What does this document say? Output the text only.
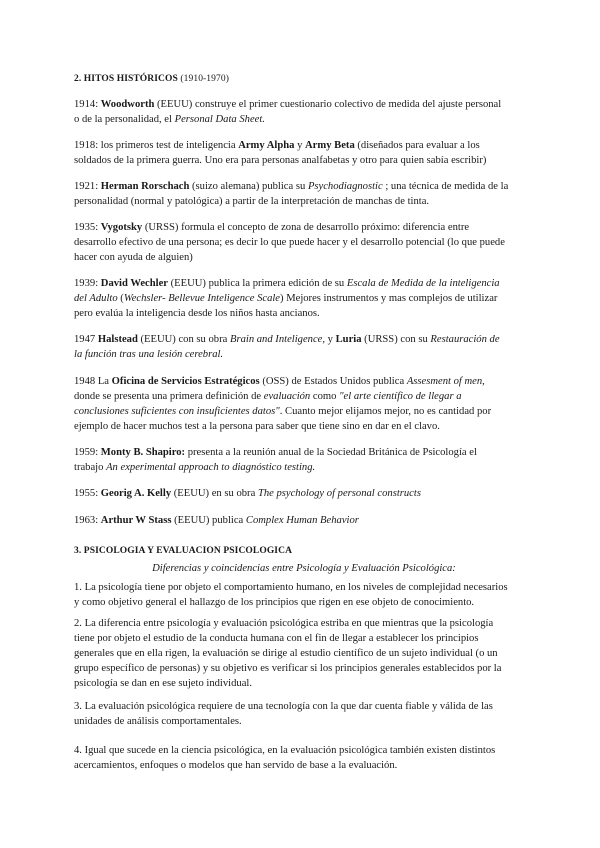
2. HITOS HISTÓRICOS (1910-1970)
1914: Woodworth (EEUU) construye el primer cuestionario colectivo de medida del ajuste personal
o de la personalidad, el Personal Data Sheet.
1918: los primeros test de inteligencia Army Alpha y Army Beta (diseñados para evaluar a los
soldados de la primera guerra. Uno era para personas analfabetas y otro para quien sabía escribir)
1921: Herman Rorschach (suizo alemana) publica su Psychodiagnostic ; una técnica de medida de la
personalidad (normal y patológica) a partir de la interpretación de manchas de tinta.
1935: Vygotsky (URSS) formula el concepto de zona de desarrollo próximo: diferencia entre
desarrollo efectivo de una persona; es decir lo que puede hacer y el desarrollo potencial (lo que puede
hacer con ayuda de alguien)
1939: David Wechler (EEUU) publica la primera edición de su Escala de Medida de la inteligencia
del Adulto (Wechsler- Bellevue Inteligence Scale) Mejores instrumentos y mas complejos de utilizar
pero evalúa la inteligencia desde los niños hasta ancianos.
1947 Halstead (EEUU) con su obra Brain and Inteligence, y Luria (URSS) con su Restauración de
la función tras una lesión cerebral.
1948 La Oficina de Servicios Estratégicos (OSS) de Estados Unidos publica Assesment of men,
donde se presenta una primera definición de evaluación como "el arte científico de llegar a
conclusiones suficientes con insuficientes datos". Cuanto mejor elijamos mejor, no es cantidad por
ejemplo de hacer muchos test a la persona para saber que tiene sino en dar en el clavo.
1959: Monty B. Shapiro: presenta a la reunión anual de la Sociedad Británica de Psicología el
trabajo An experimental approach to diagnóstico testing.
1955: Georig A. Kelly (EEUU) en su obra The psychology of personal constructs
1963: Arthur W Stass (EEUU) publica Complex Human Behavior
3. PSICOLOGIA Y EVALUACION PSICOLOGICA
Diferencias y coincidencias entre Psicología y Evaluación Psicológica:
1. La psicología tiene por objeto el comportamiento humano, en los niveles de complejidad necesarios
y como objetivo general el hallazgo de los principios que rigen en ese objeto de conocimiento.
2. La diferencia entre psicología y evaluación psicológica estriba en que mientras que la psicología
tiene por objeto el estudio de la conducta humana con el fin de llegar a establecer los principios
generales que en ella rigen, la evaluación se dirige al estudio científico de un sujeto individual (o un
grupo específico de personas) y su objetivo es verificar si los principios generales establecidos por la
psicología se dan en ese sujeto individual.
3. La evaluación psicológica requiere de una tecnología con la que dar cuenta fiable y válida de las
unidades de análisis comportamentales.
4. Igual que sucede en la ciencia psicológica, en la evaluación psicológica también existen distintos
acercamientos, enfoques o modelos que han servido de base a la evaluación.
